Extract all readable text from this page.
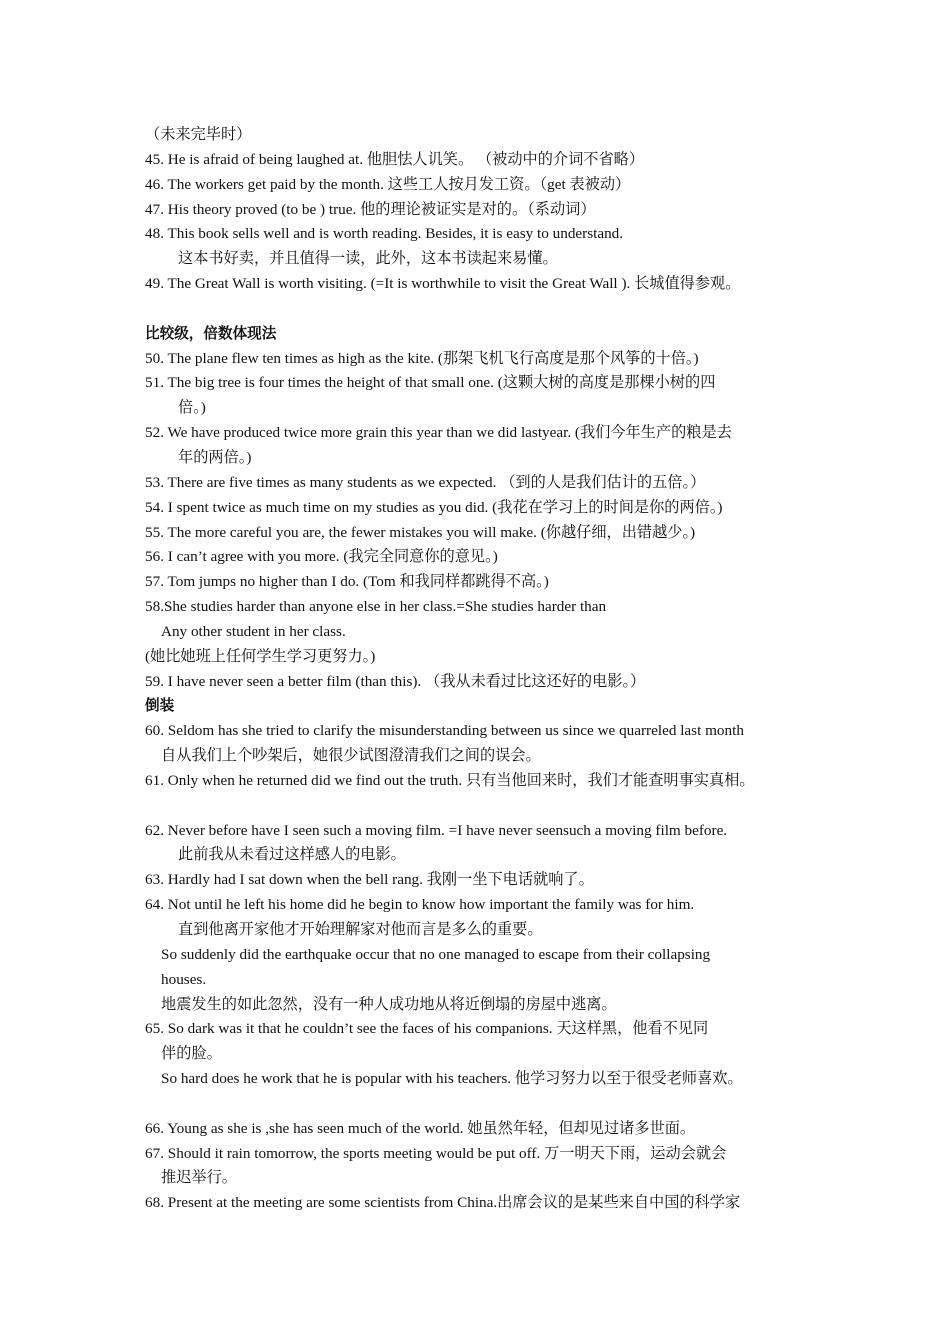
（未来完毕时）
45. He is afraid of being laughed at. 他胆怯人讥笑。 （被动中的介词不省略）
46. The workers get paid by the month. 这些工人按月发工资。（get 表被动）
47. His theory proved (to be ) true. 他的理论被证实是对的。（系动词）
48. This book sells well and is worth reading. Besides, it is easy to understand.
这本书好卖，并且值得一读，此外，这本书读起来易懂。
49. The Great Wall is worth visiting. (=It is worthwhile to visit the Great Wall ). 长城值得参观。
比较级，倍数体现法
50. The plane flew ten times as high as the kite. (那架飞机飞行高度是那个风筝的十倍。)
51. The big tree is four times the height of that small one. (这颗大树的高度是那棵小树的四
倍。)
52. We have produced twice more grain this year than we did lastyear. (我们今年生产的粮是去
年的两倍。)
53. There are five times as many students as we expected. （到的人是我们估计的五倍。）
54. I spent twice as much time on my studies as you did. (我花在学习上的时间是你的两倍。)
55. The more careful you are, the fewer mistakes you will make. (你越仔细，出错越少。)
56. I can’t agree with you more. (我完全同意你的意见。)
57. Tom jumps no higher than I do. (Tom 和我同样都跳得不高。)
58.She studies harder than anyone else in her class.=She studies harder than
Any other student in her class.
(她比她班上任何学生学习更努力。)
59. I have never seen a better film (than this). （我从未看过比这还好的电影。）
倒装
60. Seldom has she tried to clarify the misunderstanding between us since we quarreled last month
自从我们上个吵架后，她很少试图澄清我们之间的误会。
61. Only when he returned did we find out the truth. 只有当他回来时，我们才能查明事实真相。
62. Never before have I seen such a moving film. =I have never seensuch a moving film before.
此前我从未看过这样感人的电影。
63. Hardly had I sat down when the bell rang. 我刚一坐下电话就响了。
64. Not until he left his home did he begin to know how important the family was for him.
直到他离开家他才开始理解家对他而言是多么的重要。
So suddenly did the earthquake occur that no one managed to escape from their collapsing
houses.
地震发生的如此忽然，没有一种人成功地从将近倒塌的房屋中逃离。
65. So dark was it that he couldn’t see the faces of his companions. 天这样黑，他看不见同
伴的脸。
So hard does he work that he is popular with his teachers. 他学习努力以至于很受老师喜欢。
66. Young as she is ,she has seen much of the world. 她虽然年轻，但却见过诸多世面。
67. Should it rain tomorrow, the sports meeting would be put off. 万一明天下雨，运动会就会
推迟举行。
68. Present at the meeting are some scientists from China.出席会议的是某些来自中国的科学家
